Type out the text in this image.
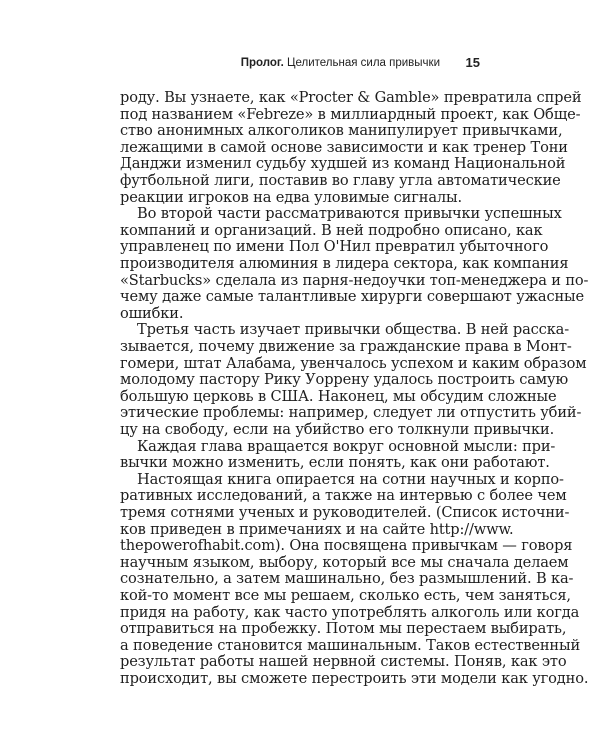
Пролог. Целительная сила привычки 15
роду. Вы узнаете, как «Procter & Gamble» превратила спрей
под названием «Febreze» в миллиардный проект, как Обще-
ство анонимных алкоголиков манипулирует привычками,
лежащими в самой основе зависимости и как тренер Тони
Данджи изменил судьбу худшей из команд Национальной
футбольной лиги, поставив во главу угла автоматические
реакции игроков на едва уловимые сигналы.
Во второй части рассматриваются привычки успешных
компаний и организаций. В ней подробно описано, как
управленец по имени Пол О'Нил превратил убыточного
производителя алюминия в лидера сектора, как компания
«Starbucks» сделала из парня-недоучки топ-менеджера и по-
чему даже самые талантливые хирурги совершают ужасные
ошибки.
Третья часть изучает привычки общества. В ней расска-
зывается, почему движение за гражданские права в Монт-
гомери, штат Алабама, увенчалось успехом и каким образом
молодому пастору Рику Уоррену удалось построить самую
большую церковь в США. Наконец, мы обсудим сложные
этические проблемы: например, следует ли отпустить убий-
цу на свободу, если на убийство его толкнули привычки.
Каждая глава вращается вокруг основной мысли: при-
вычки можно изменить, если понять, как они работают.
Настоящая книга опирается на сотни научных и корпо-
ративных исследований, а также на интервью с более чем
тремя сотнями ученых и руководителей. (Список источни-
ков приведен в примечаниях и на сайте http://www.
thepowerofhabit.com). Она посвящена привычкам — говоря
научным языком, выбору, который все мы сначала делаем
сознательно, а затем машинально, без размышлений. В ка-
кой-то момент все мы решаем, сколько есть, чем заняться,
придя на работу, как часто употреблять алкоголь или когда
отправиться на пробежку. Потом мы перестаем выбирать,
а поведение становится машинальным. Таков естественный
результат работы нашей нервной системы. Поняв, как это
происходит, вы сможете перестроить эти модели как угодно.
